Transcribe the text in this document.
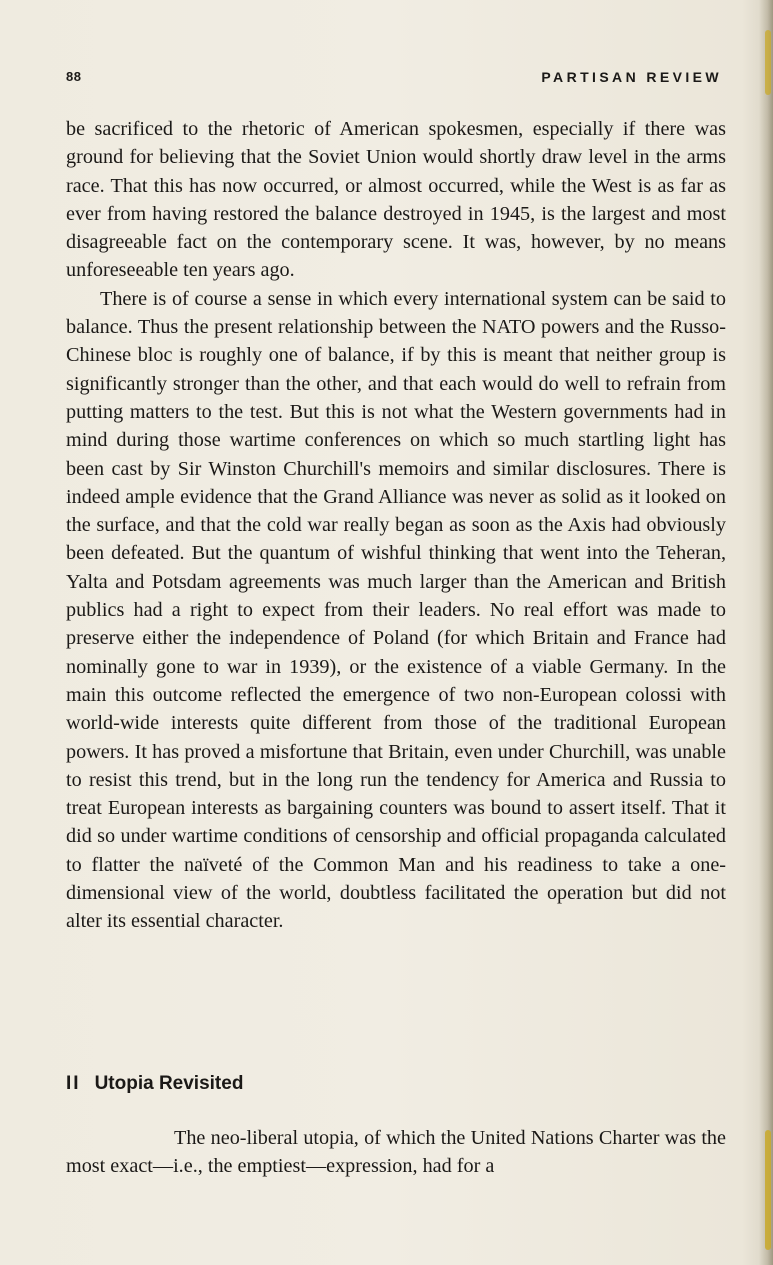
88	PARTISAN REVIEW

be sacrificed to the rhetoric of American spokesmen, especially if there was ground for believing that the Soviet Union would shortly draw level in the arms race. That this has now occurred, or almost occurred, while the West is as far as ever from having restored the balance destroyed in 1945, is the largest and most disagreeable fact on the contemporary scene. It was, however, by no means unforeseeable ten years ago.

There is of course a sense in which every international system can be said to balance. Thus the present relationship between the NATO powers and the Russo-Chinese bloc is roughly one of balance, if by this is meant that neither group is significantly stronger than the other, and that each would do well to refrain from putting matters to the test. But this is not what the Western governments had in mind during those wartime conferences on which so much startling light has been cast by Sir Winston Churchill's memoirs and similar disclosures. There is indeed ample evidence that the Grand Alliance was never as solid as it looked on the surface, and that the cold war really began as soon as the Axis had obviously been defeated. But the quantum of wishful thinking that went into the Teheran, Yalta and Potsdam agreements was much larger than the American and British publics had a right to expect from their leaders. No real effort was made to preserve either the independence of Poland (for which Britain and France had nominally gone to war in 1939), or the existence of a viable Germany. In the main this outcome reflected the emergence of two non-European colossi with world-wide interests quite different from those of the traditional European powers. It has proved a misfortune that Britain, even under Churchill, was unable to resist this trend, but in the long run the tendency for America and Russia to treat European interests as bargaining counters was bound to assert itself. That it did so under wartime conditions of censorship and official propaganda calculated to flatter the naïveté of the Common Man and his readiness to take a one-dimensional view of the world, doubtless facilitated the operation but did not alter its essential character.

II Utopia Revisited

The neo-liberal utopia, of which the United Nations Charter was the most exact—i.e., the emptiest—expression, had for a
